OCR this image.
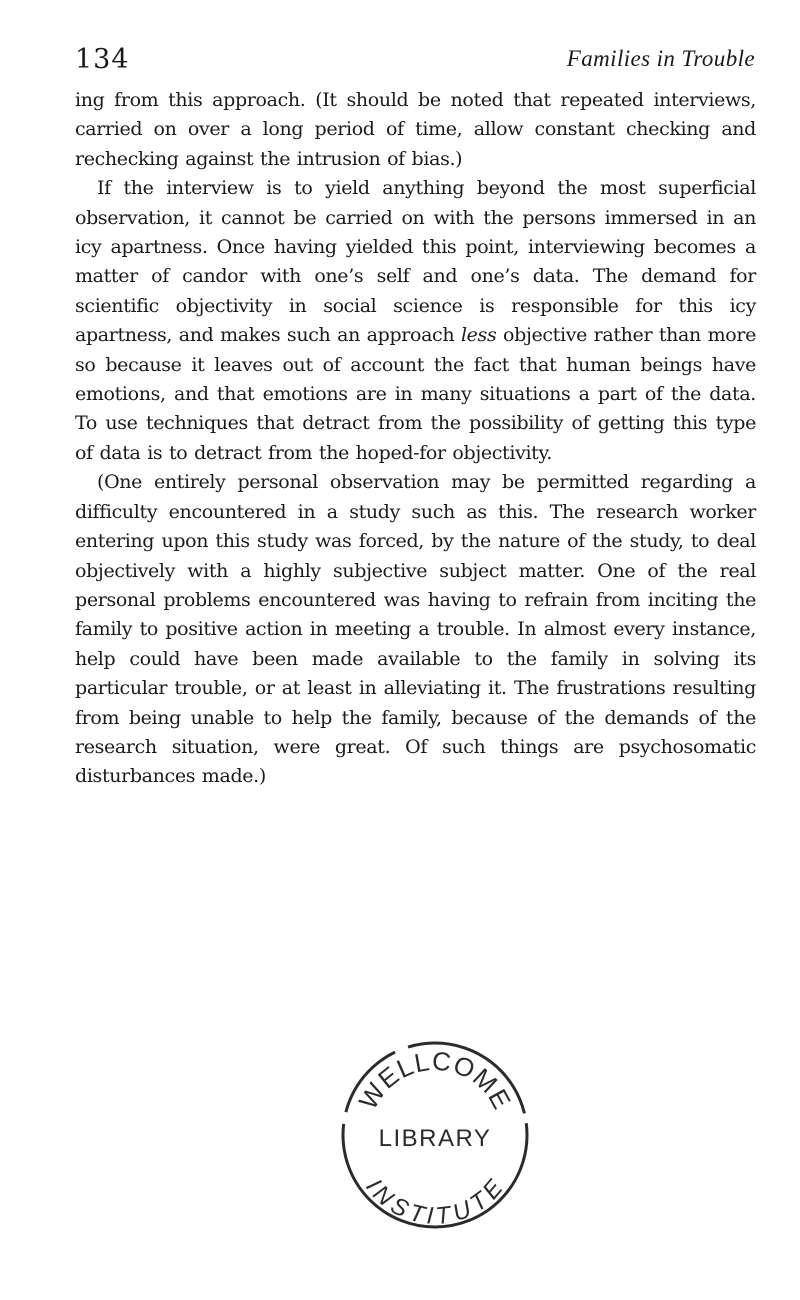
134	Families in Trouble

ing from this approach. (It should be noted that repeated interviews, carried on over a long period of time, allow constant checking and rechecking against the intrusion of bias.)

If the interview is to yield anything beyond the most superficial observation, it cannot be carried on with the persons immersed in an icy apartness. Once having yielded this point, interviewing becomes a matter of candor with one’s self and one’s data. The demand for scientific objectivity in social science is responsible for this icy apartness, and makes such an approach less objective rather than more so because it leaves out of account the fact that human beings have emotions, and that emotions are in many situations a part of the data. To use techniques that detract from the possibility of getting this type of data is to detract from the hoped-for objectivity.

(One entirely personal observation may be permitted regarding a difficulty encountered in a study such as this. The research worker entering upon this study was forced, by the nature of the study, to deal objectively with a highly subjective subject matter. One of the real personal problems encountered was having to refrain from inciting the family to positive action in meeting a trouble. In almost every instance, help could have been made available to the family in solving its particular trouble, or at least in alleviating it. The frustrations resulting from being unable to help the family, because of the demands of the research situation, were great. Of such things are psychosomatic disturbances made.)

WELLCOME
LIBRARY
INSTITUTE
